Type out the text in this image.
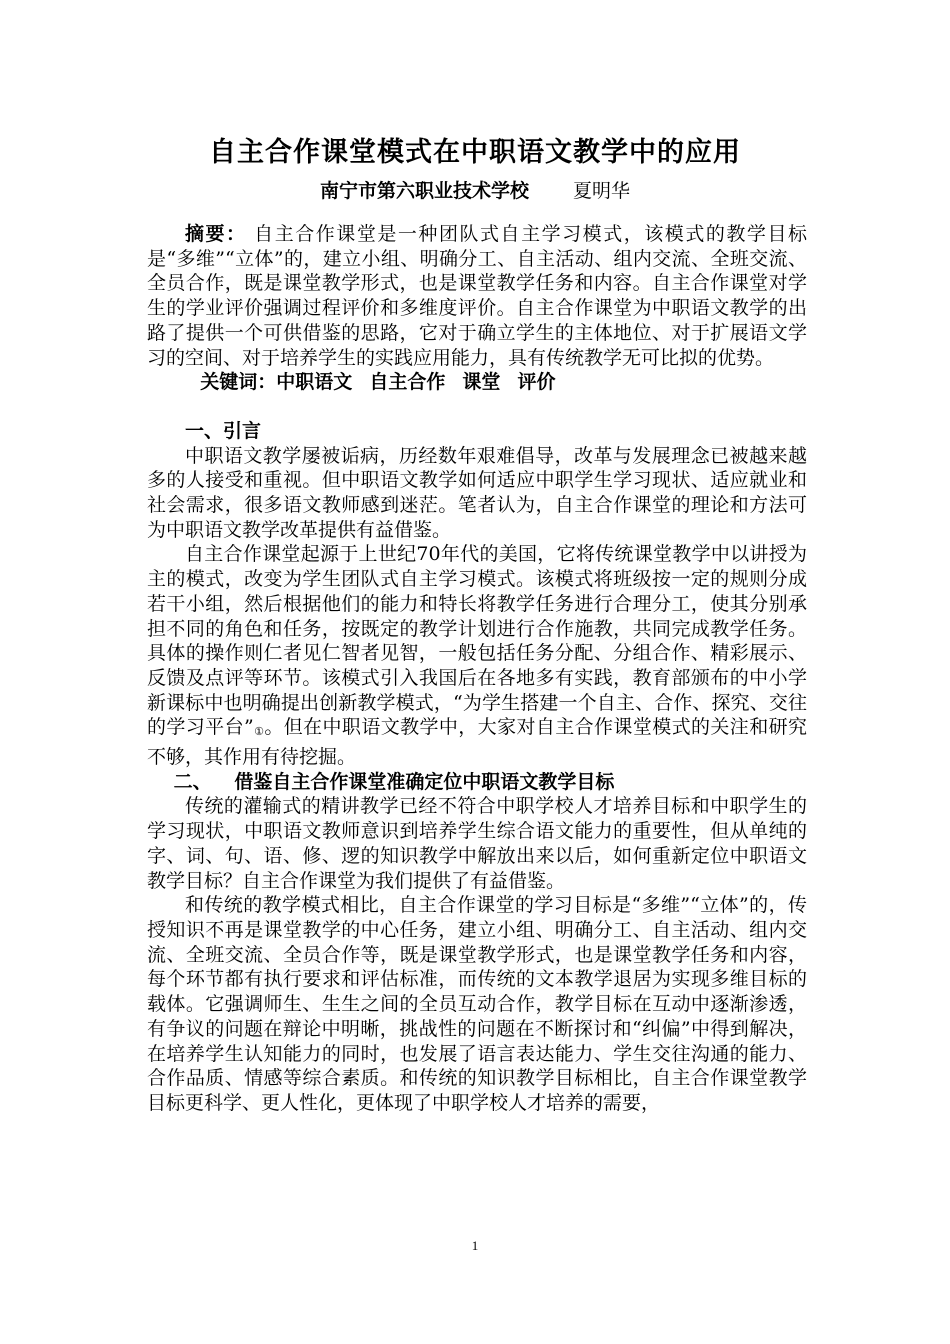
自主合作课堂模式在中职语文教学中的应用
南宁市第六职业技术学校 夏明华

摘要： 自主合作课堂是一种团队式自主学习模式，该模式的教学目标是“多维”“立体”的，建立小组、明确分工、自主活动、组内交流、全班交流、全员合作，既是课堂教学形式，也是课堂教学任务和内容。自主合作课堂对学生的学业评价强调过程评价和多维度评价。自主合作课堂为中职语文教学的出路了提供一个可供借鉴的思路，它对于确立学生的主体地位、对于扩展语文学习的空间、对于培养学生的实践应用能力，具有传统教学无可比拟的优势。

关键词：中职语文 自主合作 课堂 评价

一、引言

中职语文教学屡被诟病，历经数年艰难倡导，改革与发展理念已被越来越多的人接受和重视。但中职语文教学如何适应中职学生学习现状、适应就业和社会需求，很多语文教师感到迷茫。笔者认为，自主合作课堂的理论和方法可为中职语文教学改革提供有益借鉴。

自主合作课堂起源于上世纪70年代的美国，它将传统课堂教学中以讲授为主的模式，改变为学生团队式自主学习模式。该模式将班级按一定的规则分成若干小组，然后根据他们的能力和特长将教学任务进行合理分工，使其分别承担不同的角色和任务，按既定的教学计划进行合作施教，共同完成教学任务。具体的操作则仁者见仁智者见智，一般包括任务分配、分组合作、精彩展示、反馈及点评等环节。该模式引入我国后在各地多有实践，教育部颁布的中小学新课标中也明确提出创新教学模式，“为学生搭建一个自主、合作、探究、交往的学习平台”①。但在中职语文教学中，大家对自主合作课堂模式的关注和研究不够，其作用有待挖掘。

二、 借鉴自主合作课堂准确定位中职语文教学目标

传统的灌输式的精讲教学已经不符合中职学校人才培养目标和中职学生的学习现状，中职语文教师意识到培养学生综合语文能力的重要性，但从单纯的字、词、句、语、修、逻的知识教学中解放出来以后，如何重新定位中职语文教学目标？自主合作课堂为我们提供了有益借鉴。

和传统的教学模式相比，自主合作课堂的学习目标是“多维”“立体”的，传授知识不再是课堂教学的中心任务，建立小组、明确分工、自主活动、组内交流、全班交流、全员合作等，既是课堂教学形式，也是课堂教学任务和内容，每个环节都有执行要求和评估标准，而传统的文本教学退居为实现多维目标的载体。它强调师生、生生之间的全员互动合作，教学目标在互动中逐渐渗透，有争议的问题在辩论中明晰，挑战性的问题在不断探讨和“纠偏”中得到解决，在培养学生认知能力的同时，也发展了语言表达能力、学生交往沟通的能力、合作品质、情感等综合素质。和传统的知识教学目标相比，自主合作课堂教学目标更科学、更人性化，更体现了中职学校人才培养的需要，

1
